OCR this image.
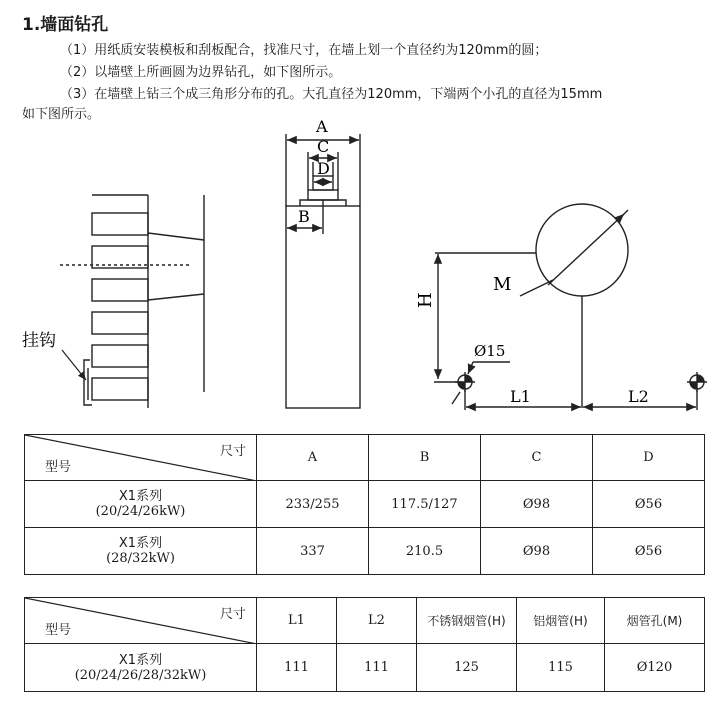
1.墙面钻孔
（1）用纸质安装模板和刮板配合，找准尺寸，在墙上划一个直径约为120mm的圆；
（2）以墙壁上所画圆为边界钻孔，如下图所示。
（3）在墙壁上钻三个成三角形分布的孔。大孔直径为120mm，下端两个小孔的直径为15mm
如下图所示。
挂钩
A
C
D
B
M
H
Ø15
L1	L2
尺寸
型号	A	B	C	D

X1系列
(20/24/26kW)	233/255	117.5/127	Ø98	Ø56

X1系列
(28/32kW)	337	210.5	Ø98	Ø56
尺寸
型号	L1	L2	不锈钢烟管(H)	铝烟管(H)	烟管孔(M)

X1系列
(20/24/26/28/32kW)	111	111	125	115	Ø120
